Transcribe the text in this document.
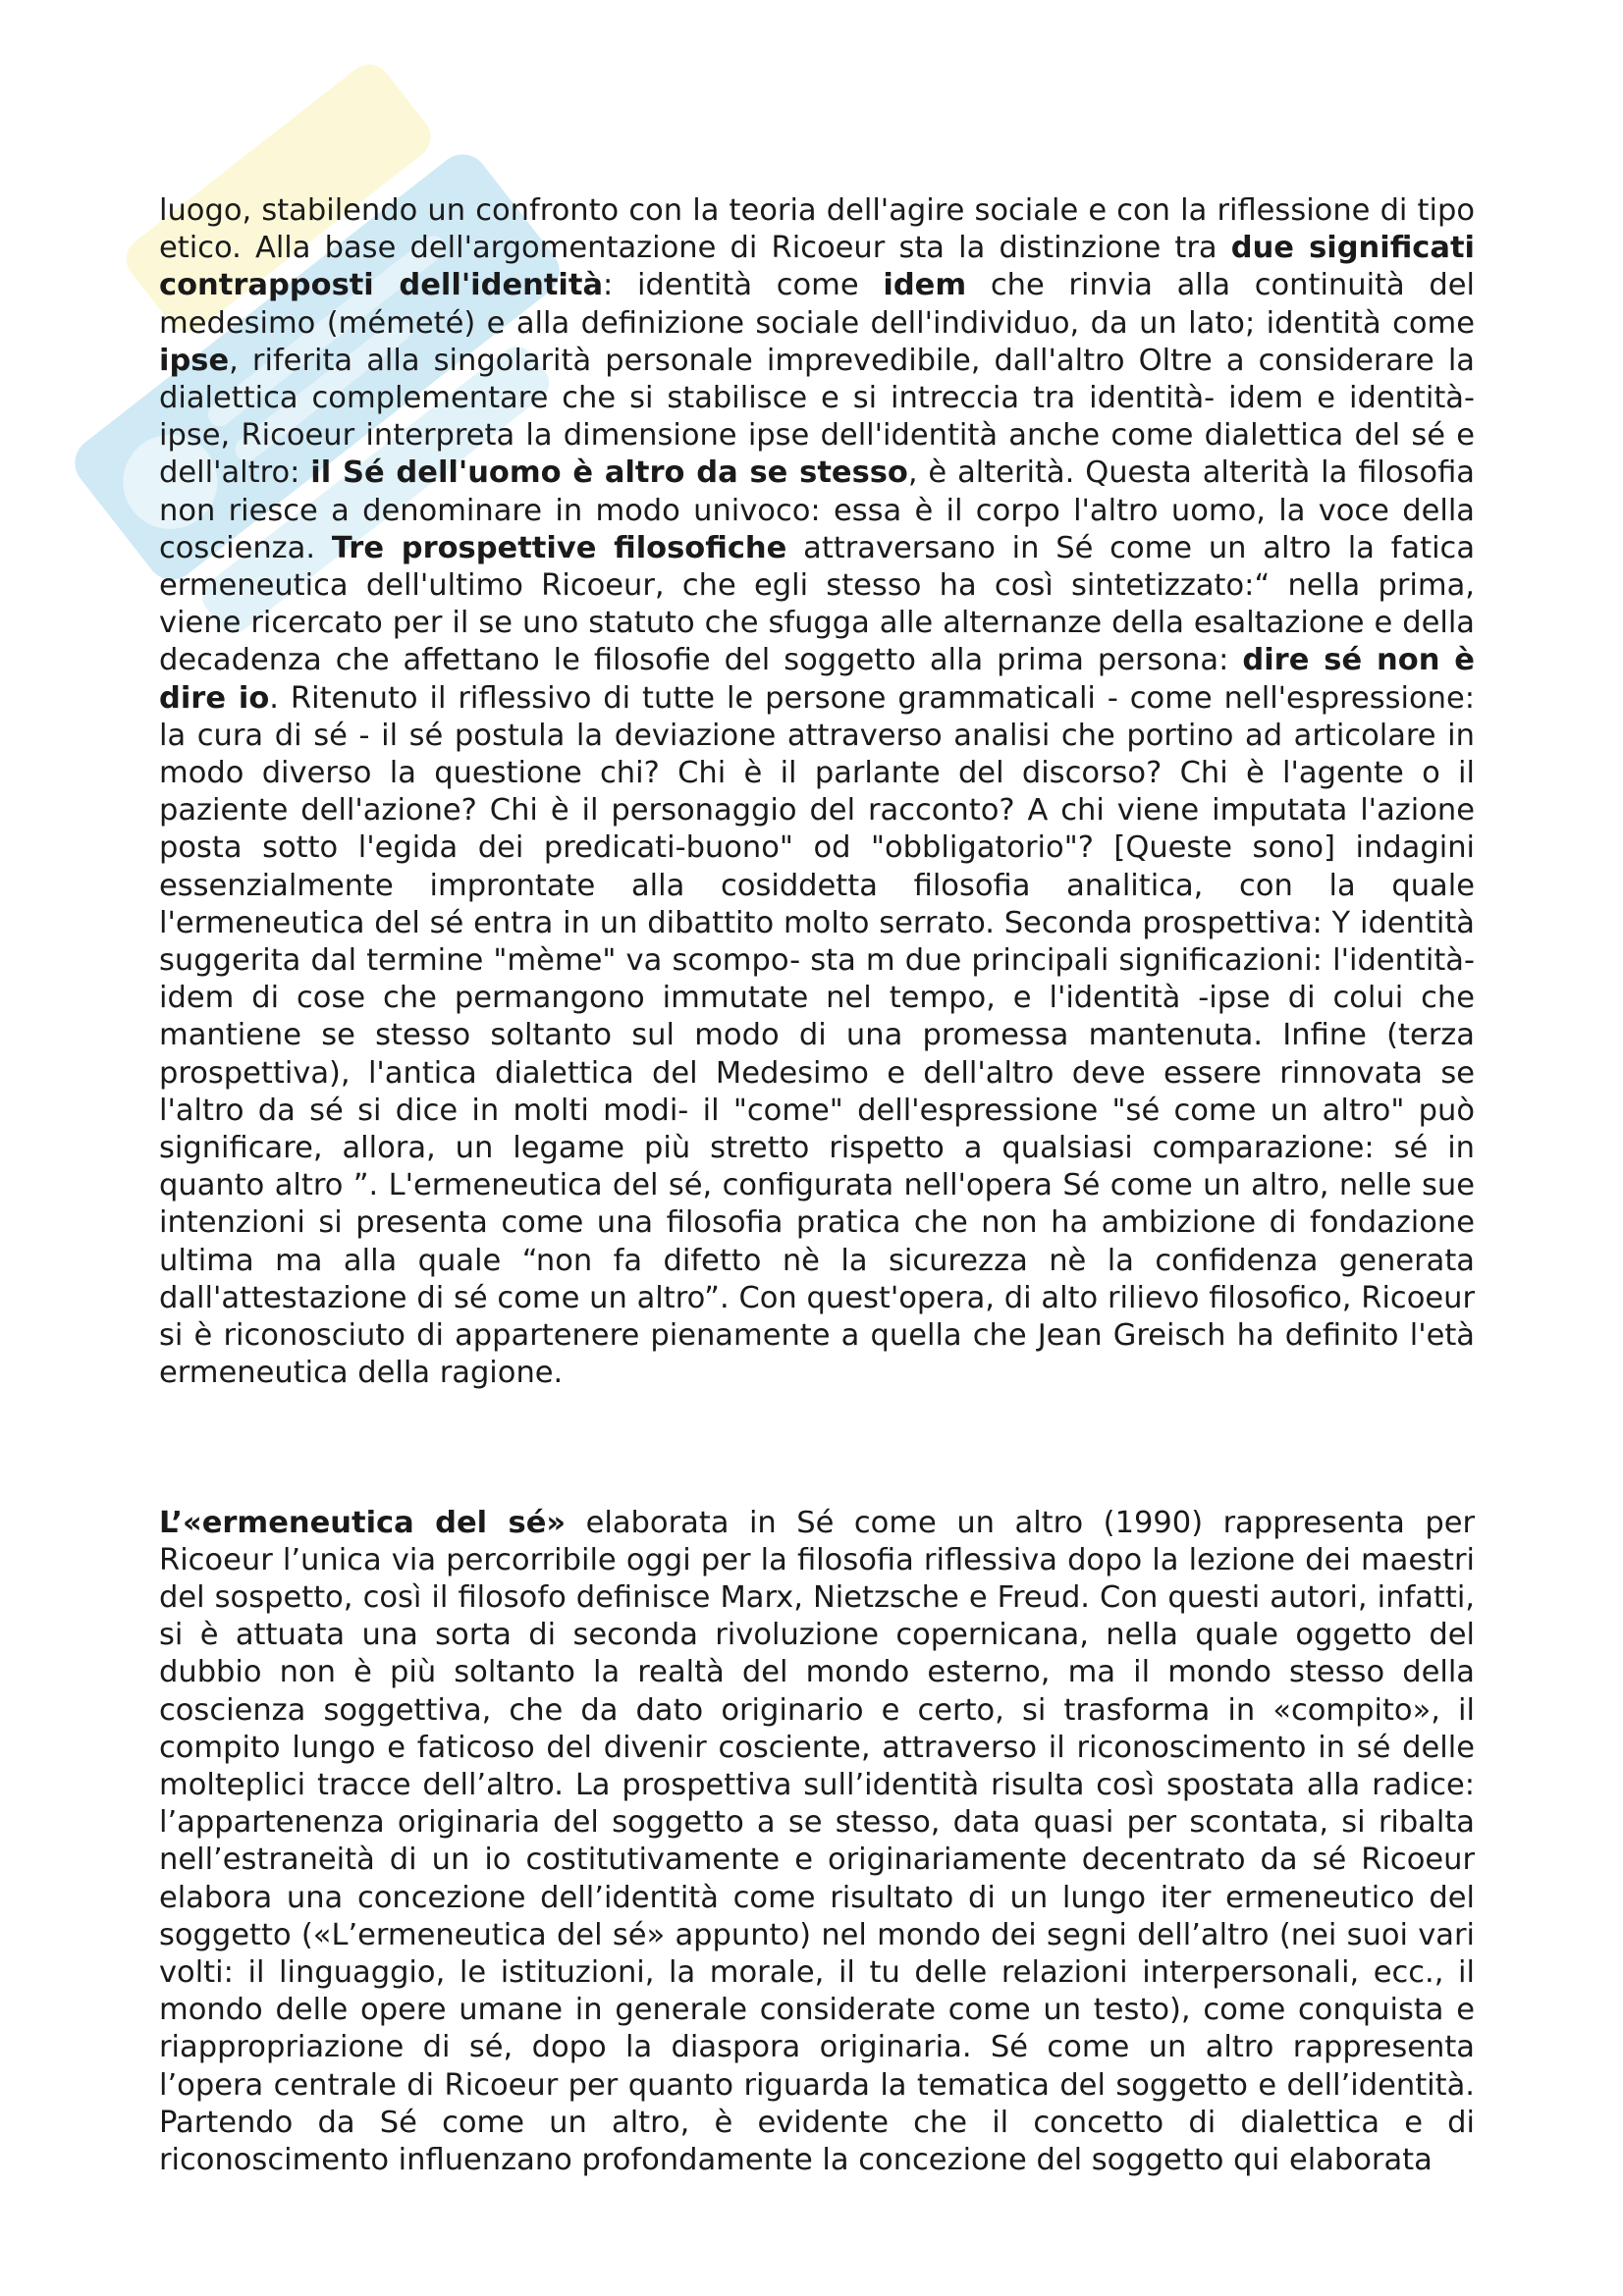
luogo, stabilendo un confronto con la teoria dell'agire sociale e con la riflessione di tipo etico. Alla base dell'argomentazione di Ricoeur sta la distinzione tra due significati contrapposti dell'identità: identità come idem che rinvia alla continuità del medesimo (mémeté) e alla definizione sociale dell'individuo, da un lato; identità come ipse, riferita alla singolarità personale imprevedibile, dall'altro Oltre a considerare la dialettica complementare che si stabilisce e si intreccia tra identità- idem e identità-ipse, Ricoeur interpreta la dimensione ipse dell'identità anche come dialettica del sé e dell'altro: il Sé dell'uomo è altro da se stesso, è alterità. Questa alterità la filosofia non riesce a denominare in modo univoco: essa è il corpo l'altro uomo, la voce della coscienza. Tre prospettive filosofiche attraversano in Sé come un altro la fatica ermeneutica dell'ultimo Ricoeur, che egli stesso ha così sintetizzato:“ nella prima, viene ricercato per il se uno statuto che sfugga alle alternanze della esaltazione e della decadenza che affettano le filosofie del soggetto alla prima persona: dire sé non è dire io. Ritenuto il riflessivo di tutte le persone grammaticali - come nell'espressione: la cura di sé - il sé postula la deviazione attraverso analisi che portino ad articolare in modo diverso la questione chi? Chi è il parlante del discorso? Chi è l'agente o il paziente dell'azione? Chi è il personaggio del racconto? A chi viene imputata l'azione posta sotto l'egida dei predicati-buono" od "obbligatorio"? [Queste sono] indagini essenzialmente improntate alla cosiddetta filosofia analitica, con la quale l'ermeneutica del sé entra in un dibattito molto serrato. Seconda prospettiva: Y identità suggerita dal termine "mème" va scompo- sta m due principali significazioni: l'identità-idem di cose che permangono immutate nel tempo, e l'identità -ipse di colui che mantiene se stesso soltanto sul modo di una promessa mantenuta. Infine (terza prospettiva), l'antica dialettica del Medesimo e dell'altro deve essere rinnovata se l'altro da sé si dice in molti modi- il "come" dell'espressione "sé come un altro" può significare, allora, un legame più stretto rispetto a qualsiasi comparazione: sé in quanto altro ”. L'ermeneutica del sé, configurata nell'opera Sé come un altro, nelle sue intenzioni si presenta come una filosofia pratica che non ha ambizione di fondazione ultima ma alla quale “non fa difetto nè la sicurezza nè la confidenza generata dall'attestazione di sé come un altro”. Con quest'opera, di alto rilievo filosofico, Ricoeur si è riconosciuto di appartenere pienamente a quella che Jean Greisch ha definito l'età ermeneutica della ragione.

L’«ermeneutica del sé» elaborata in Sé come un altro (1990) rappresenta per Ricoeur l’unica via percorribile oggi per la filosofia riflessiva dopo la lezione dei maestri del sospetto, così il filosofo definisce Marx, Nietzsche e Freud. Con questi autori, infatti, si è attuata una sorta di seconda rivoluzione copernicana, nella quale oggetto del dubbio non è più soltanto la realtà del mondo esterno, ma il mondo stesso della coscienza soggettiva, che da dato originario e certo, si trasforma in «compito», il compito lungo e faticoso del divenir cosciente, attraverso il riconoscimento in sé delle molteplici tracce dell’altro. La prospettiva sull’identità risulta così spostata alla radice: l’appartenenza originaria del soggetto a se stesso, data quasi per scontata, si ribalta nell’estraneità di un io costitutivamente e originariamente decentrato da sé Ricoeur elabora una concezione dell’identità come risultato di un lungo iter ermeneutico del soggetto («L’ermeneutica del sé» appunto) nel mondo dei segni dell’altro (nei suoi vari volti: il linguaggio, le istituzioni, la morale, il tu delle relazioni interpersonali, ecc., il mondo delle opere umane in generale considerate come un testo), come conquista e riappropriazione di sé, dopo la diaspora originaria. Sé come un altro rappresenta l’opera centrale di Ricoeur per quanto riguarda la tematica del soggetto e dell’identità. Partendo da Sé come un altro, è evidente che il concetto di dialettica e di riconoscimento influenzano profondamente la concezione del soggetto qui elaborata
